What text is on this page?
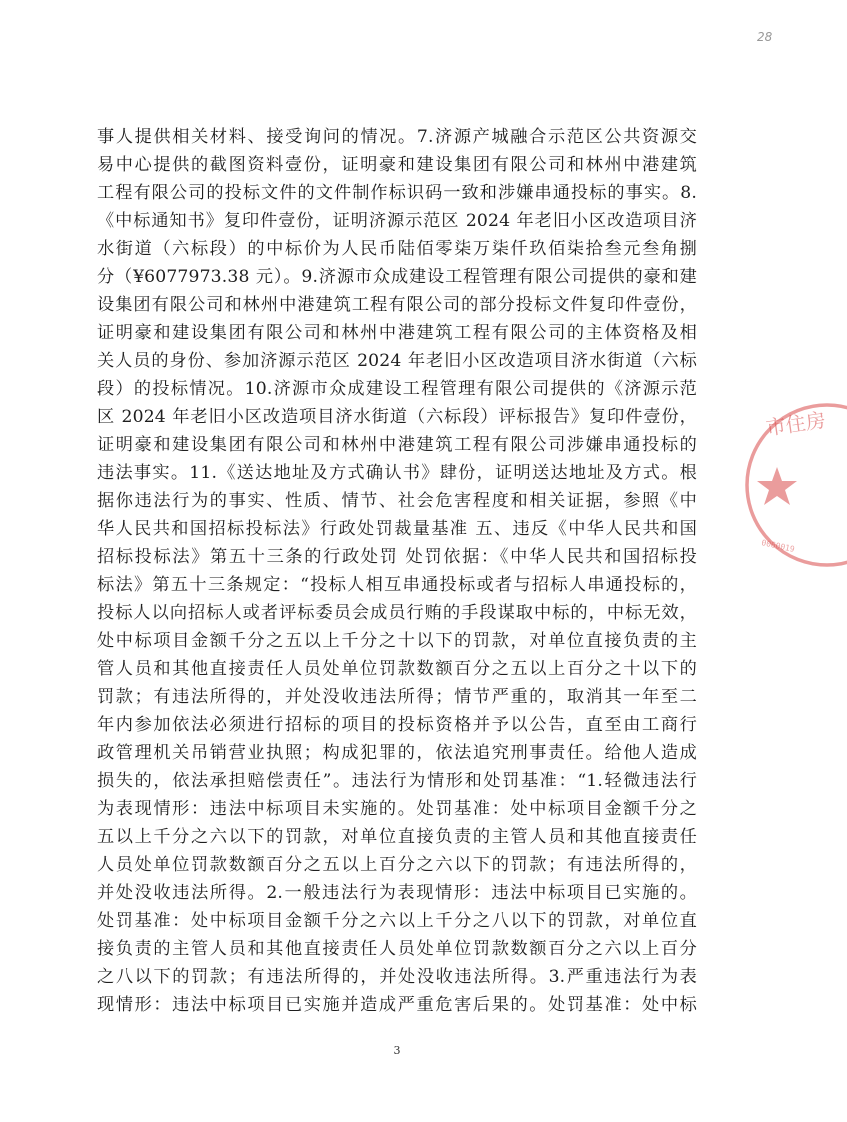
28
事人提供相关材料、接受询问的情况。7.济源产城融合示范区公共资源交
易中心提供的截图资料壹份，证明豪和建设集团有限公司和林州中港建筑
工程有限公司的投标文件的文件制作标识码一致和涉嫌串通投标的事实。8.
《中标通知书》复印件壹份，证明济源示范区 2024 年老旧小区改造项目济
水街道（六标段）的中标价为人民币陆佰零柒万柒仟玖佰柒拾叁元叁角捌
分（¥6077973.38 元）。9.济源市众成建设工程管理有限公司提供的豪和建
设集团有限公司和林州中港建筑工程有限公司的部分投标文件复印件壹份，
证明豪和建设集团有限公司和林州中港建筑工程有限公司的主体资格及相
关人员的身份、参加济源示范区 2024 年老旧小区改造项目济水街道（六标
段）的投标情况。10.济源市众成建设工程管理有限公司提供的《济源示范
区 2024 年老旧小区改造项目济水街道（六标段）评标报告》复印件壹份，
证明豪和建设集团有限公司和林州中港建筑工程有限公司涉嫌串通投标的
违法事实。11.《送达地址及方式确认书》肆份，证明送达地址及方式。根
据你违法行为的事实、性质、情节、社会危害程度和相关证据，参照《中
华人民共和国招标投标法》行政处罚裁量基准 五、违反《中华人民共和国
招标投标法》第五十三条的行政处罚 处罚依据：《中华人民共和国招标投
标法》第五十三条规定：“投标人相互串通投标或者与招标人串通投标的，
投标人以向招标人或者评标委员会成员行贿的手段谋取中标的，中标无效，
处中标项目金额千分之五以上千分之十以下的罚款，对单位直接负责的主
管人员和其他直接责任人员处单位罚款数额百分之五以上百分之十以下的
罚款；有违法所得的，并处没收违法所得；情节严重的，取消其一年至二
年内参加依法必须进行招标的项目的投标资格并予以公告，直至由工商行
政管理机关吊销营业执照；构成犯罪的，依法追究刑事责任。给他人造成
损失的，依法承担赔偿责任”。违法行为情形和处罚基准：“1.轻微违法行
为表现情形：违法中标项目未实施的。处罚基准：处中标项目金额千分之
五以上千分之六以下的罚款，对单位直接负责的主管人员和其他直接责任
人员处单位罚款数额百分之五以上百分之六以下的罚款；有违法所得的，
并处没收违法所得。2.一般违法行为表现情形：违法中标项目已实施的。
处罚基准：处中标项目金额千分之六以上千分之八以下的罚款，对单位直
接负责的主管人员和其他直接责任人员处单位罚款数额百分之六以上百分
之八以下的罚款；有违法所得的，并处没收违法所得。3.严重违法行为表
现情形：违法中标项目已实施并造成严重危害后果的。处罚基准：处中标
市住房
0060019
3
